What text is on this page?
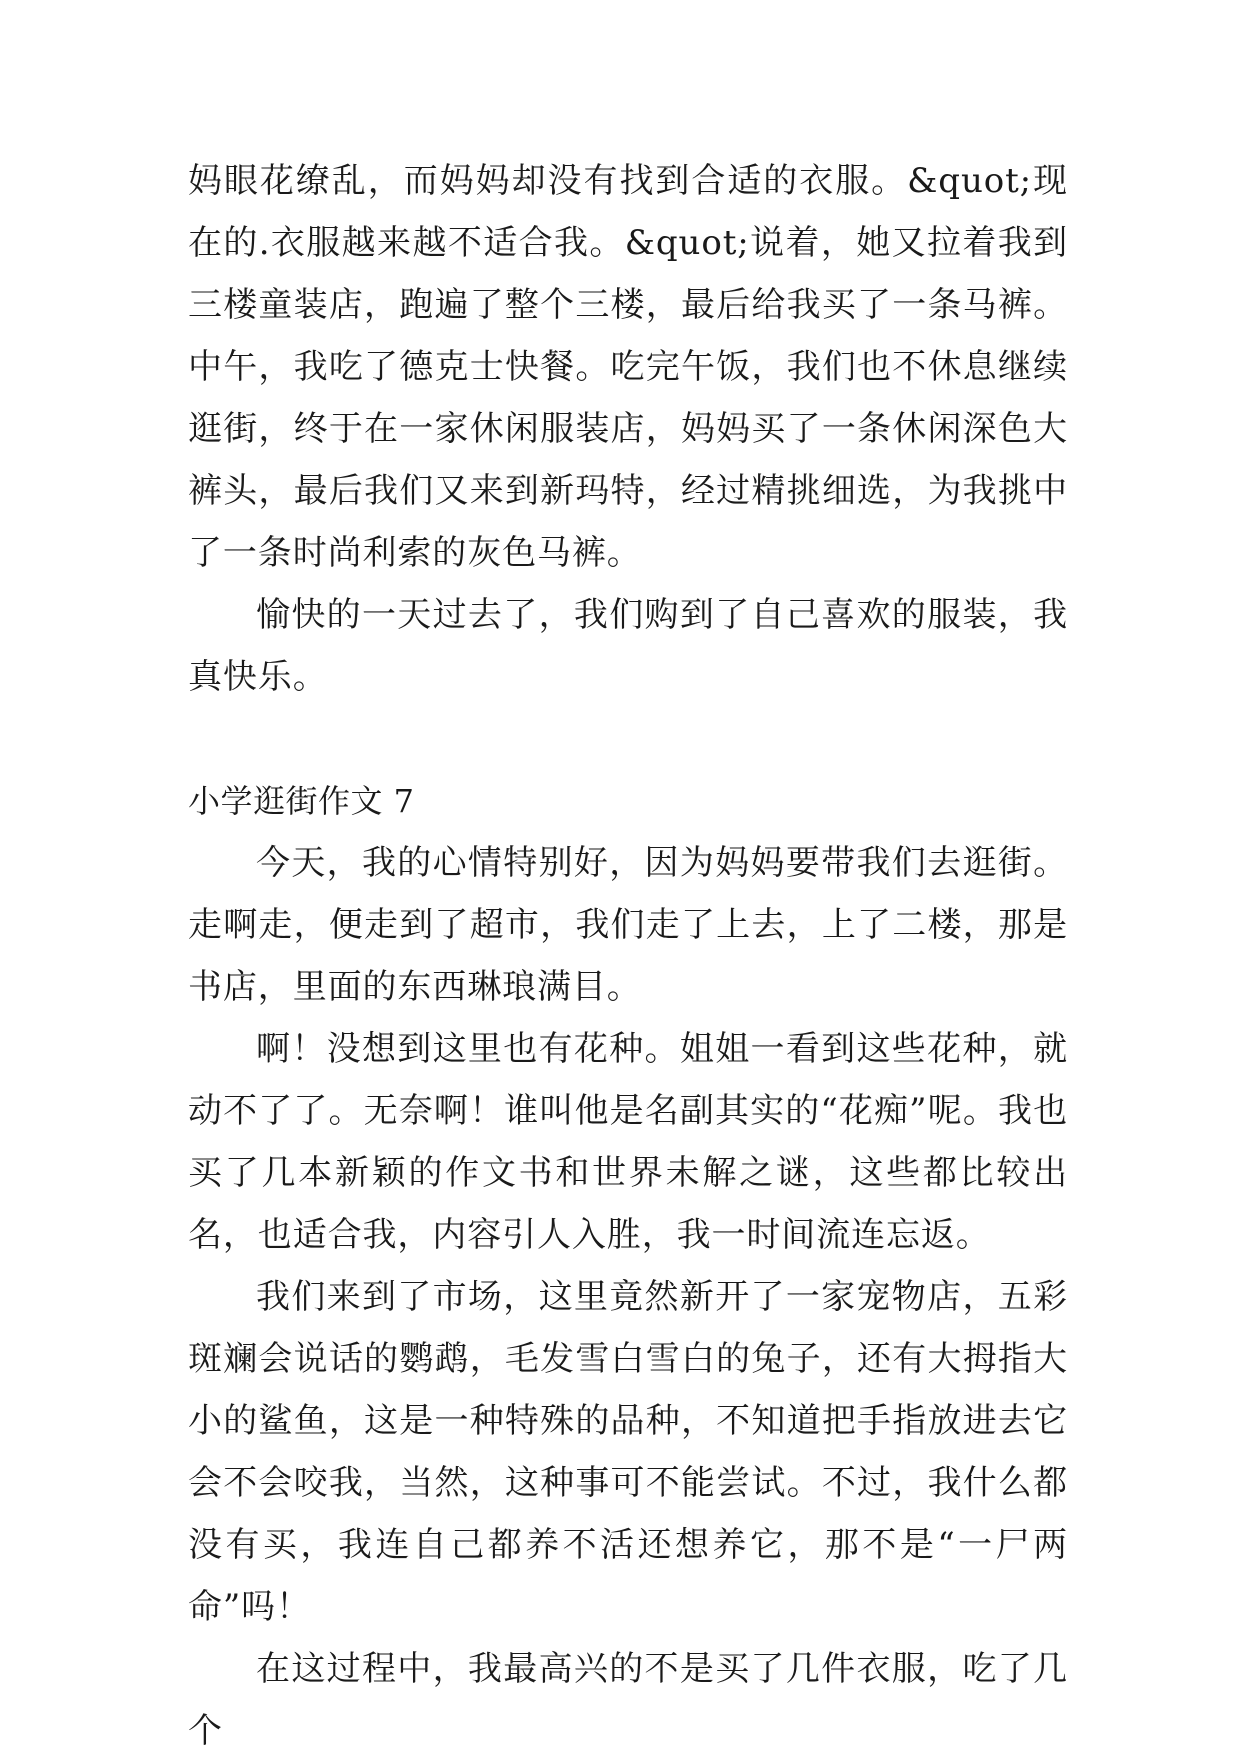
妈眼花缭乱，而妈妈却没有找到合适的衣服。&quot;现在的.衣服越来越不适合我。&quot;说着，她又拉着我到三楼童装店，跑遍了整个三楼，最后给我买了一条马裤。中午，我吃了德克士快餐。吃完午饭，我们也不休息继续逛街，终于在一家休闲服装店，妈妈买了一条休闲深色大裤头，最后我们又来到新玛特，经过精挑细选，为我挑中了一条时尚利索的灰色马裤。

愉快的一天过去了，我们购到了自己喜欢的服装，我真快乐。

小学逛街作文 7

今天，我的心情特别好，因为妈妈要带我们去逛街。走啊走，便走到了超市，我们走了上去，上了二楼，那是书店，里面的东西琳琅满目。

啊！没想到这里也有花种。姐姐一看到这些花种，就动不了了。无奈啊！谁叫他是名副其实的“花痴”呢。我也买了几本新颖的作文书和世界未解之谜，这些都比较出名，也适合我，内容引人入胜，我一时间流连忘返。

我们来到了市场，这里竟然新开了一家宠物店，五彩斑斓会说话的鹦鹉，毛发雪白雪白的兔子，还有大拇指大小的鲨鱼，这是一种特殊的品种，不知道把手指放进去它会不会咬我，当然，这种事可不能尝试。不过，我什么都没有买，我连自己都养不活还想养它，那不是“一尸两命”吗！

在这过程中，我最高兴的不是买了几件衣服，吃了几个
